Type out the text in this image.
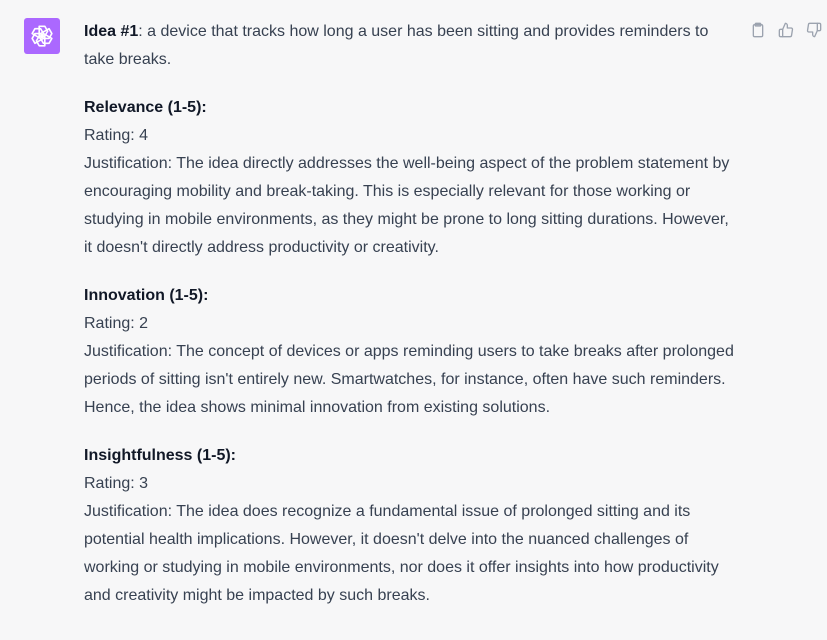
Idea #1: a device that tracks how long a user has been sitting and provides reminders to take breaks.

Relevance (1-5):

Rating: 4

Justification: The idea directly addresses the well-being aspect of the problem statement by encouraging mobility and break-taking. This is especially relevant for those working or studying in mobile environments, as they might be prone to long sitting durations. However, it doesn't directly address productivity or creativity.

Innovation (1-5):

Rating: 2

Justification: The concept of devices or apps reminding users to take breaks after prolonged periods of sitting isn't entirely new. Smartwatches, for instance, often have such reminders. Hence, the idea shows minimal innovation from existing solutions.

Insightfulness (1-5):

Rating: 3

Justification: The idea does recognize a fundamental issue of prolonged sitting and its potential health implications. However, it doesn't delve into the nuanced challenges of working or studying in mobile environments, nor does it offer insights into how productivity and creativity might be impacted by such breaks.
